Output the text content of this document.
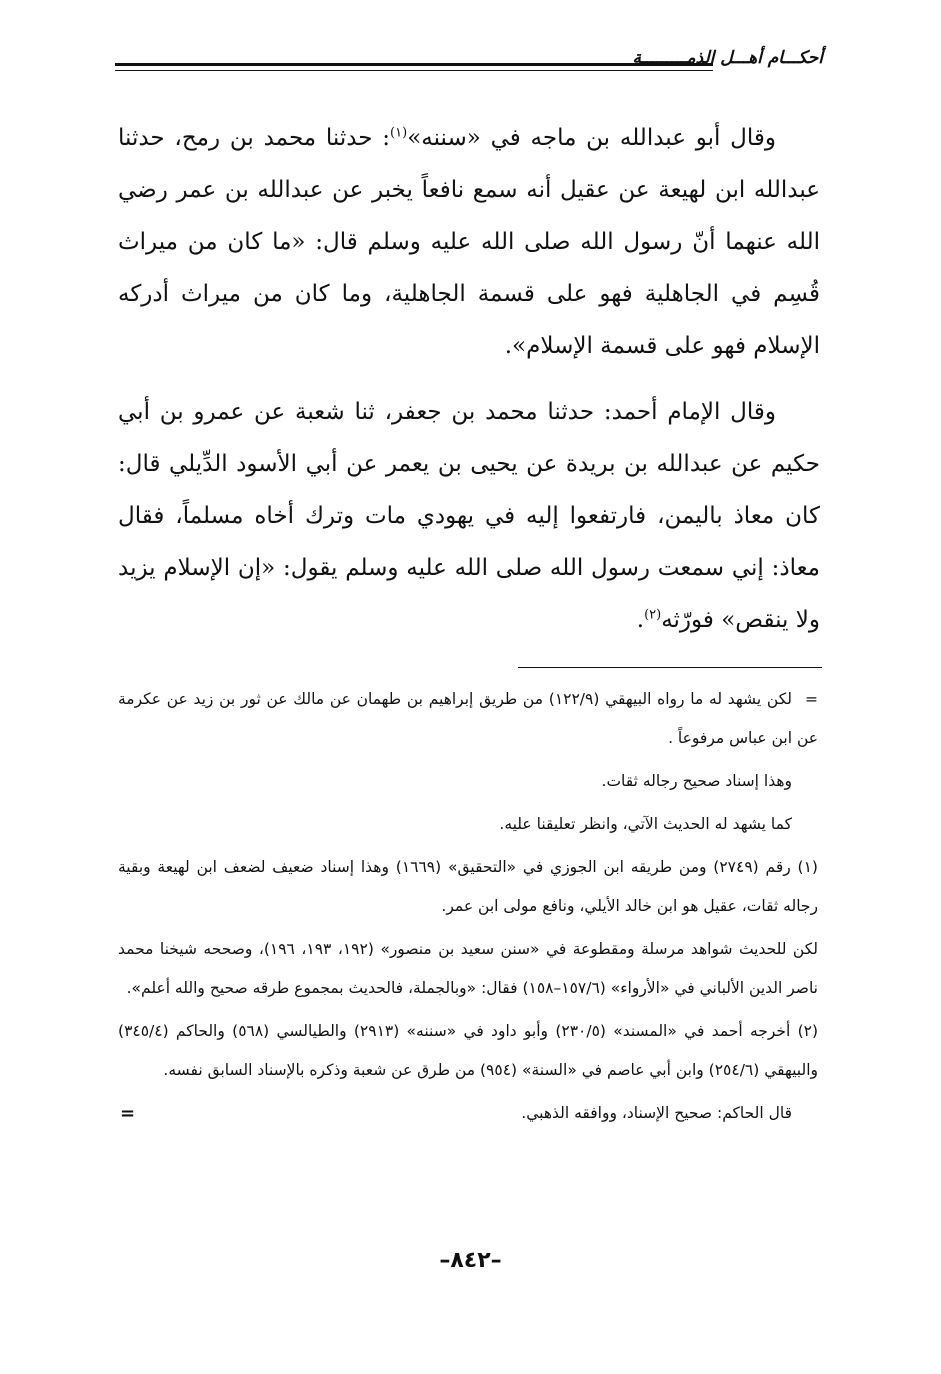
أحكـــام أهـــل الذمـــــــــة

وقال أبو عبدالله بن ماجه في «سننه»$^{(١)}$: حدثنا محمد بن رمح، حدثنا عبدالله ابن لهيعة عن عقيل أنه سمع نافعاً يخبر عن عبدالله بن عمر رضي الله عنهما أنّ رسول الله صلى الله عليه وسلم قال: «ما كان من ميراث قُسِم في الجاهلية فهو على قسمة الجاهلية، وما كان من ميراث أدركه الإسلام فهو على قسمة الإسلام».

وقال الإمام أحمد: حدثنا محمد بن جعفر، ثنا شعبة عن عمرو بن أبي حكيم عن عبدالله بن بريدة عن يحيى بن يعمر عن أبي الأسود الدِّيلي قال: كان معاذ باليمن، فارتفعوا إليه في يهودي مات وترك أخاه مسلماً، فقال معاذ: إني سمعت رسول الله صلى الله عليه وسلم يقول: «إن الإسلام يزيد ولا ينقص» فورّثه$^{(٢)}$.

=لكن يشهد له ما رواه البيهقي (١٢٢/٩) من طريق إبراهيم بن طهمان عن مالك عن ثور بن زيد عن عكرمة عن ابن عباس مرفوعاً .

وهذا إسناد صحيح رجاله ثقات.

كما يشهد له الحديث الآتي، وانظر تعليقنا عليه.

(١) رقم (٢٧٤٩) ومن طريقه ابن الجوزي في «التحقيق» (١٦٦٩) وهذا إسناد ضعيف لضعف ابن لهيعة وبقية رجاله ثقات، عقيل هو ابن خالد الأيلي، ونافع مولى ابن عمر.

لكن للحديث شواهد مرسلة ومقطوعة في «سنن سعيد بن منصور» (١٩٢، ١٩٣، ١٩٦)، وصححه شيخنا محمد ناصر الدين الألباني في «الأرواء» (١٥٧/٦–١٥٨) فقال: «وبالجملة، فالحديث بمجموع طرقه صحيح والله أعلم».

(٢) أخرجه أحمد في «المسند» (٢٣٠/٥) وأبو داود في «سننه» (٢٩١٣) والطيالسي (٥٦٨) والحاكم (٣٤٥/٤) والبيهقي (٢٥٤/٦) وابن أبي عاصم في «السنة» (٩٥٤) من طرق عن شعبة وذكره بالإسناد السابق نفسه.

قال الحاكم: صحيح الإسناد، ووافقه الذهبي.
=

–٨٤٢–
